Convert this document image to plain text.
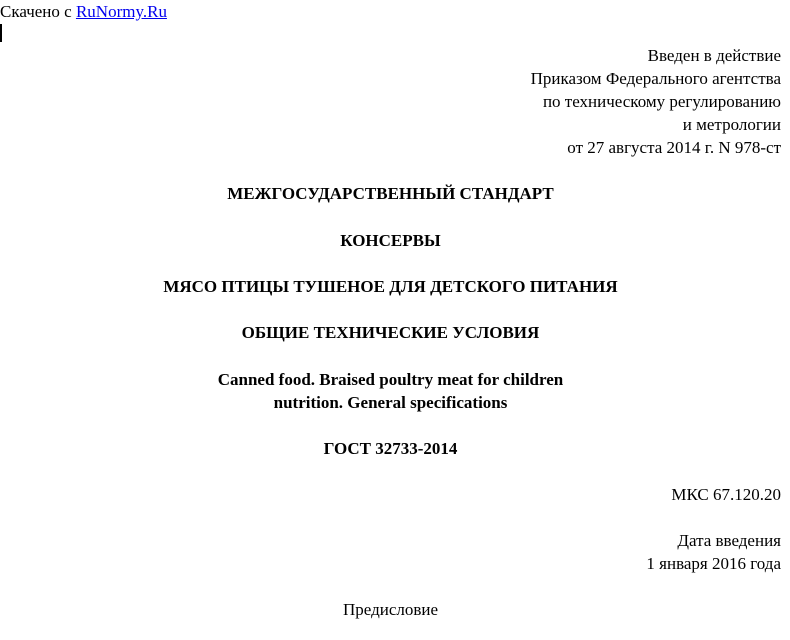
Скачено с RuNormy.Ru
Введен в действие
Приказом Федерального агентства
по техническому регулированию
и метрологии
от 27 августа 2014 г. N 978-ст
МЕЖГОСУДАРСТВЕННЫЙ СТАНДАРТ
КОНСЕРВЫ
МЯСО ПТИЦЫ ТУШЕНОЕ ДЛЯ ДЕТСКОГО ПИТАНИЯ
ОБЩИЕ ТЕХНИЧЕСКИЕ УСЛОВИЯ
Canned food. Braised poultry meat for children
nutrition. General specifications
ГОСТ 32733-2014
МКС 67.120.20
Дата введения
1 января 2016 года
Предисловие
